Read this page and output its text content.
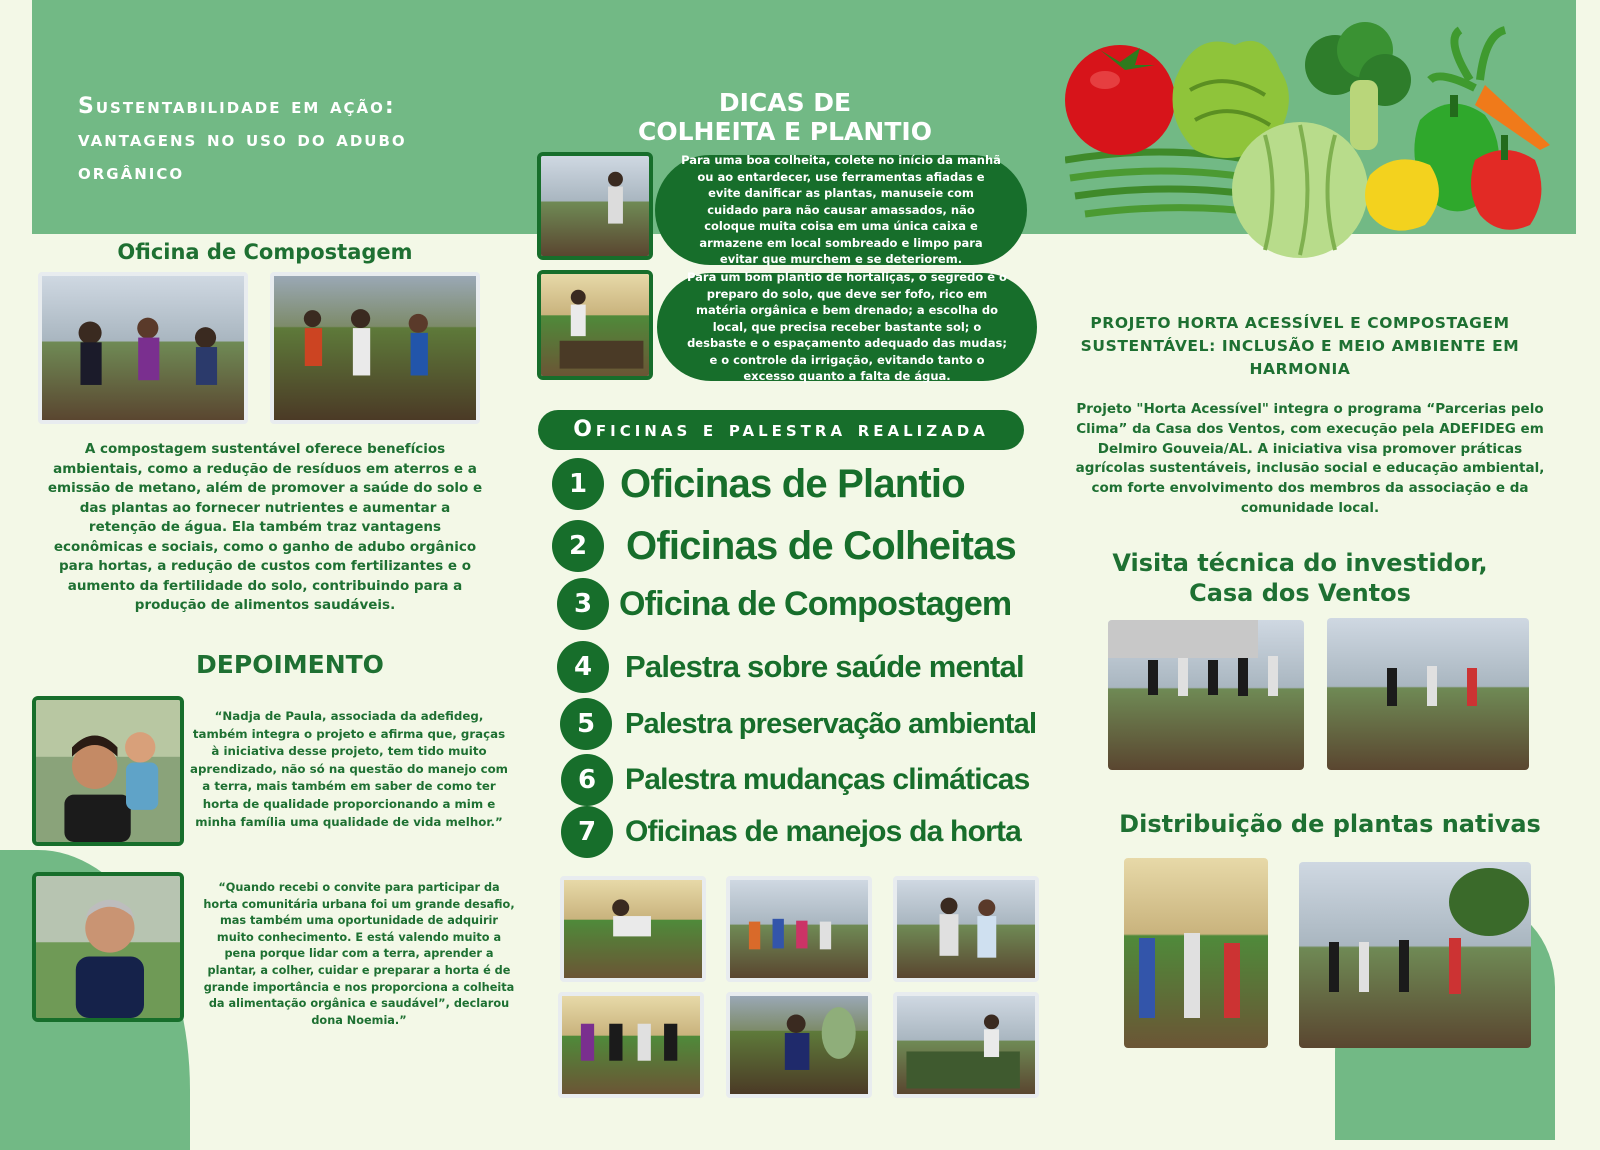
Sustentabilidade em ação:
vantagens no uso do adubo
orgânico
DICAS DE
COLHEITA E PLANTIO
Oficina de Compostagem
A compostagem sustentável oferece benefícios ambientais, como a redução de resíduos em aterros e a emissão de metano, além de promover a saúde do solo e das plantas ao fornecer nutrientes e aumentar a retenção de água. Ela também traz vantagens econômicas e sociais, como o ganho de adubo orgânico para hortas, a redução de custos com fertilizantes e o aumento da fertilidade do solo, contribuindo para a produção de alimentos saudáveis.
DEPOIMENTO
“Nadja de Paula, associada da adefideg, também integra o projeto e afirma que, graças à iniciativa desse projeto, tem tido muito aprendizado, não só na questão do manejo com a terra, mais também em saber de como ter horta de qualidade proporcionando a mim e minha família uma qualidade de vida melhor.”
“Quando recebi o convite para participar da horta comunitária urbana foi um grande desafio, mas também uma oportunidade de adquirir muito conhecimento. E está valendo muito a pena porque lidar com a terra, aprender a plantar, a colher, cuidar e preparar a horta é de grande importância e nos proporciona a colheita da alimentação orgânica e saudável”, declarou dona Noemia.”
Para uma boa colheita, colete no início da manhã ou ao entardecer, use ferramentas afiadas e evite danificar as plantas, manuseie com cuidado para não causar amassados, não coloque muita coisa em uma única caixa e armazene em local sombreado e limpo para evitar que murchem e se deteriorem.
Para um bom plantio de hortaliças, o segredo é o preparo do solo, que deve ser fofo, rico em matéria orgânica e bem drenado; a escolha do local, que precisa receber bastante sol; o desbaste e o espaçamento adequado das mudas; e o controle da irrigação, evitando tanto o excesso quanto a falta de água.
Oficinas e palestra realizada
1 Oficinas de Plantio
2 Oficinas de Colheitas
3 Oficina de Compostagem
4	Palestra sobre saúde mental
5	Palestra preservação ambiental
6 Palestra mudanças climáticas
7 Oficinas de manejos da horta
PROJETO HORTA ACESSÍVEL E COMPOSTAGEM SUSTENTÁVEL: INCLUSÃO E MEIO AMBIENTE EM HARMONIA
Projeto "Horta Acessível" integra o programa “Parcerias pelo Clima” da Casa dos Ventos, com execução pela ADEFIDEG em Delmiro Gouveia/AL. A iniciativa visa promover práticas agrícolas sustentáveis, inclusão social e educação ambiental, com forte envolvimento dos membros da associação e da comunidade local.
Visita técnica do investidor,
Casa dos Ventos
Distribuição de plantas nativas
